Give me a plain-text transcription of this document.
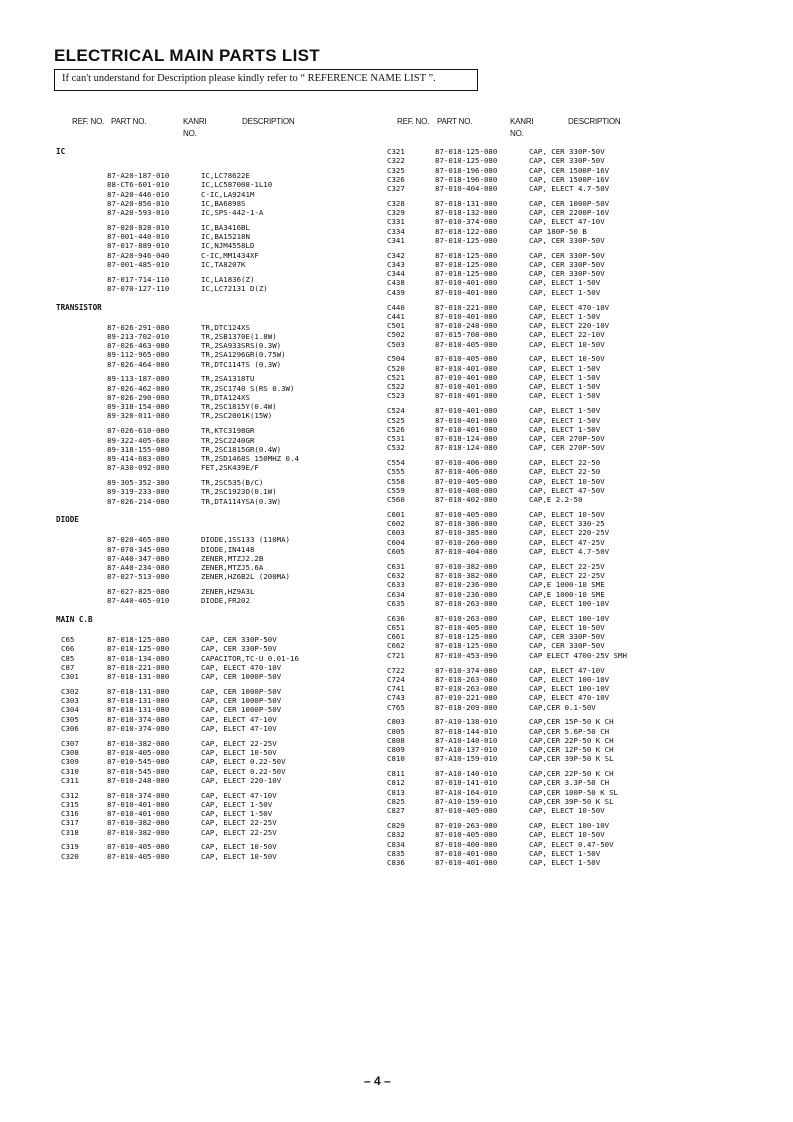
ELECTRICAL MAIN PARTS LIST
If can't understand for Description please kindly refer to “ REFERENCE NAME LIST ”.
REF. NO. PART NO.	KANRI
NO.
DESCRIPTION	REF. NO. PART NO.	KANRI
NO.
DESCRIPTION
IC
87-A20-187-010	IC,LC78622E
88-CT6-601-010	IC,LC587008-1L10
87-A20-446-010	C-IC,LA9241M
87-A20-856-010	IC,BA6898S
87-A20-593-010	IC,SPS-442-1-A
87-020-828-010	IC,BA3416BL
87-001-440-010	IC,BA15218N
87-017-889-010	IC,NJM4558LD
87-A20-946-040	C-IC,MM1434XF
87-001-485-010	IC,TA8207K
87-017-714-110	IC,LA1836(Z)
87-070-127-110	IC,LC72131 D(Z)
TRANSISTOR
87-026-291-080	TR,DTC124XS
89-213-702-010	TR,2SB1370E(1.8W)
87-026-463-080	TR,2SA933SRS(0.3W)
89-112-965-080	TR,2SA1296GR(0.75W)
87-026-464-080	TR,DTC114TS (0.3W)
89-113-187-080	TR,2SA1318TU
87-026-462-080	TR,2SC1740 S(RS 0.3W)
87-026-290-080	TR,DTA124XS
89-318-154-080	TR,2SC1815Y(0.4W)
89-320-011-080	TR,2SC2001K(15W)
87-026-610-080	TR,KTC3198GR
89-322-405-680	TR,2SC2240GR
89-318-155-080	TR,2SC1815GR(0.4W)
89-414-683-080	TR,2SD1468S 150MHZ 0.4
87-A30-092-080	FET,2SK439E/F
89-305-352-380	TR,2SC535(B/C)
89-319-233-080	TR,2SC1923O(0.1W)
87-026-214-080	TR,DTA114YSA(0.3W)
DIODE
87-020-465-080	DIODE,1SS133 (110MA)
87-070-345-080	DIODE,IN4148
87-A40-347-080	ZENER,MTZJ2.2B
87-A40-234-080	ZENER,MTZJ5.6A
87-027-513-080	ZENER,HZ6B2L (200MA)
87-027-825-080	ZENER,HZ9A3L
87-A40-465-010	DIODE,FR202
MAIN C.B
C65	87-018-125-080	CAP, CER 330P-50V
C66	87-018-125-080	CAP, CER 330P-50V
C85	87-018-134-080	CAPACITOR,TC-U 0.01-16
C87	87-010-221-080	CAP, ELECT 470-10V
C301	87-018-131-080	CAP, CER 1000P-50V
C302	87-018-131-080	CAP, CER 1000P-50V
C303	87-018-131-080	CAP, CER 1000P-50V
C304	87-018-131-080	CAP, CER 1000P-50V
C305	87-010-374-080	CAP, ELECT 47-10V
C306	87-010-374-080	CAP, ELECT 47-10V
C307	87-010-382-080	CAP, ELECT 22-25V
C308	87-010-405-080	CAP, ELECT 10-50V
C309	87-010-545-080	CAP, ELECT 0.22-50V
C310	87-010-545-080	CAP, ELECT 0.22-50V
C311	87-010-248-080	CAP, ELECT 220-10V
C312	87-010-374-080	CAP, ELECT 47-10V
C315	87-010-401-080	CAP, ELECT 1-50V
C316	87-010-401-080	CAP, ELECT 1-50V
C317	87-010-382-080	CAP, ELECT 22-25V
C318	87-010-382-080	CAP, ELECT 22-25V
C319	87-010-405-080	CAP, ELECT 10-50V
C320	87-010-405-080	CAP, ELECT 10-50V
C321	87-018-125-080	CAP, CER 330P-50V
C322	87-018-125-080	CAP, CER 330P-50V
C325	87-018-196-080	CAP, CER 1500P-16V
C326	87-018-196-080	CAP, CER 1500P-16V
C327	87-010-404-080	CAP, ELECT 4.7-50V
C328	87-018-131-080	CAP, CER 1000P-50V
C329	87-018-132-080	CAP, CER 2200P-16V
C331	87-010-374-080	CAP, ELECT 47-10V
C334	87-018-122-080	CAP 180P-50 B
C341	87-018-125-080	CAP, CER 330P-50V
C342	87-018-125-080	CAP, CER 330P-50V
C343	87-018-125-080	CAP, CER 330P-50V
C344	87-018-125-080	CAP, CER 330P-50V
C438	87-010-401-080	CAP, ELECT 1-50V
C439	87-010-401-080	CAP, ELECT 1-50V
C440	87-010-221-080	CAP, ELECT 470-10V
C441	87-010-401-080	CAP, ELECT 1-50V
C501	87-010-248-080	CAP, ELECT 220-10V
C502	87-015-708-080	CAP, ELECT 22-10V
C503	87-010-405-080	CAP, ELECT 10-50V
C504	87-010-405-080	CAP, ELECT 10-50V
C520	87-010-401-080	CAP, ELECT 1-50V
C521	87-010-401-080	CAP, ELECT 1-50V
C522	87-010-401-080	CAP, ELECT 1-50V
C523	87-010-401-080	CAP, ELECT 1-50V
C524	87-010-401-080	CAP, ELECT 1-50V
C525	87-010-401-080	CAP, ELECT 1-50V
C526	87-010-401-080	CAP, ELECT 1-50V
C531	87-018-124-080	CAP, CER 270P-50V
C532	87-018-124-080	CAP, CER 270P-50V
C554	87-010-406-080	CAP, ELECT 22-50
C555	87-010-406-080	CAP, ELECT 22-50
C558	87-010-405-080	CAP, ELECT 10-50V
C559	87-010-408-080	CAP, ELECT 47-50V
C560	87-010-402-080	CAP,E 2.2-50
C601	87-010-405-080	CAP, ELECT 10-50V
C602	87-010-386-080	CAP, ELECT 330-25
C603	87-010-385-080	CAP, ELECT 220-25V
C604	87-010-260-080	CAP, ELECT 47-25V
C605	87-010-404-080	CAP, ELECT 4.7-50V
C631	87-010-382-080	CAP, ELECT 22-25V
C632	87-010-382-080	CAP, ELECT 22-25V
C633	87-010-236-080	CAP,E 1000-10 SME
C634	87-010-236-080	CAP,E 1000-10 SME
C635	87-010-263-080	CAP, ELECT 100-10V
C636	87-010-263-080	CAP, ELECT 100-10V
C651	87-010-405-080	CAP, ELECT 10-50V
C661	87-018-125-080	CAP, CER 330P-50V
C662	87-018-125-080	CAP, CER 330P-50V
C721	87-010-453-090	CAP ELECT 4700-25V SMH
C722	87-010-374-080	CAP, ELECT 47-10V
C724	87-010-263-080	CAP, ELECT 100-10V
C741	87-010-263-080	CAP, ELECT 100-10V
C743	87-010-221-080	CAP, ELECT 470-10V
C765	87-018-209-080	CAP,CER 0.1-50V
C803	87-A10-138-010	CAP,CER 15P-50 K CH
C805	87-018-144-010	CAP,CER 5.6P-50 CH
C808	87-A10-140-010	CAP,CER 22P-50 K CH
C809	87-A10-137-010	CAP,CER 12P-50 K CH
C810	87-A10-159-010	CAP,CER 39P-50 K SL
C811	87-A10-140-010	CAP,CER 22P-50 K CH
C812	87-018-141-010	CAP,CER 3.3P-50 CH
C813	87-A10-164-010	CAP,CER 100P-50 K SL
C825	87-A10-159-010	CAP,CER 39P-50 K SL
C827	87-010-405-080	CAP, ELECT 10-50V
C829	87-010-263-080	CAP, ELECT 100-10V
C832	87-010-405-080	CAP, ELECT 10-50V
C834	87-010-400-080	CAP, ELECT 0.47-50V
C835	87-010-401-080	CAP, ELECT 1-50V
C836	87-010-401-080	CAP, ELECT 1-50V
– 4 –
